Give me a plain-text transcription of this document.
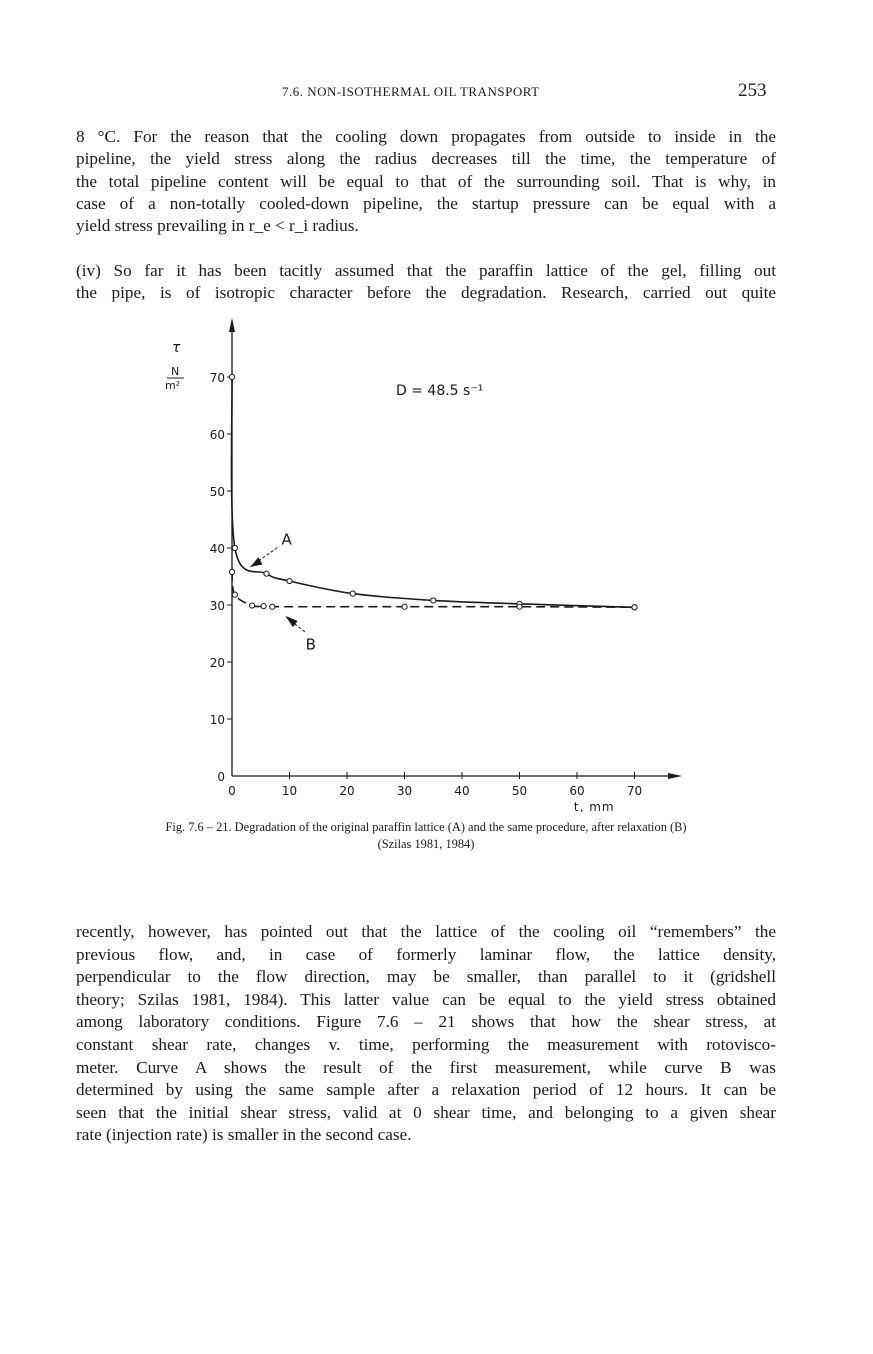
7.6. NON-ISOTHERMAL OIL TRANSPORT	253

8 °C. For the reason that the cooling down propagates from outside to inside in the
pipeline, the yield stress along the radius decreases till the time, the temperature of
the total pipeline content will be equal to that of the surrounding soil. That is why, in
case of a non-totally cooled-down pipeline, the startup pressure can be equal with a
yield stress prevailing in r_e < r_i radius.

(iv) So far it has been tacitly assumed that the paraffin lattice of the gel, filling out
the pipe, is of isotropic character before the degradation. Research, carried out quite

0
10
20
30
40
50
60
70
0	10	20	30	40	50	60	70
A
B
D = 48.5 s⁻¹
τ
N
m²
t, mm

Fig. 7.6 – 21. Degradation of the original paraffin lattice (A) and the same procedure, after relaxation (B)
(Szilas 1981, 1984)

recently, however, has pointed out that the lattice of the cooling oil “remembers” the
previous flow, and, in case of formerly laminar flow, the lattice density,
perpendicular to the flow direction, may be smaller, than parallel to it (gridshell
theory; Szilas 1981, 1984). This latter value can be equal to the yield stress obtained
among laboratory conditions. Figure 7.6 – 21 shows that how the shear stress, at
constant shear rate, changes v. time, performing the measurement with rotovisco-
meter. Curve A shows the result of the first measurement, while curve B was
determined by using the same sample after a relaxation period of 12 hours. It can be
seen that the initial shear stress, valid at 0 shear time, and belonging to a given shear
rate (injection rate) is smaller in the second case.
